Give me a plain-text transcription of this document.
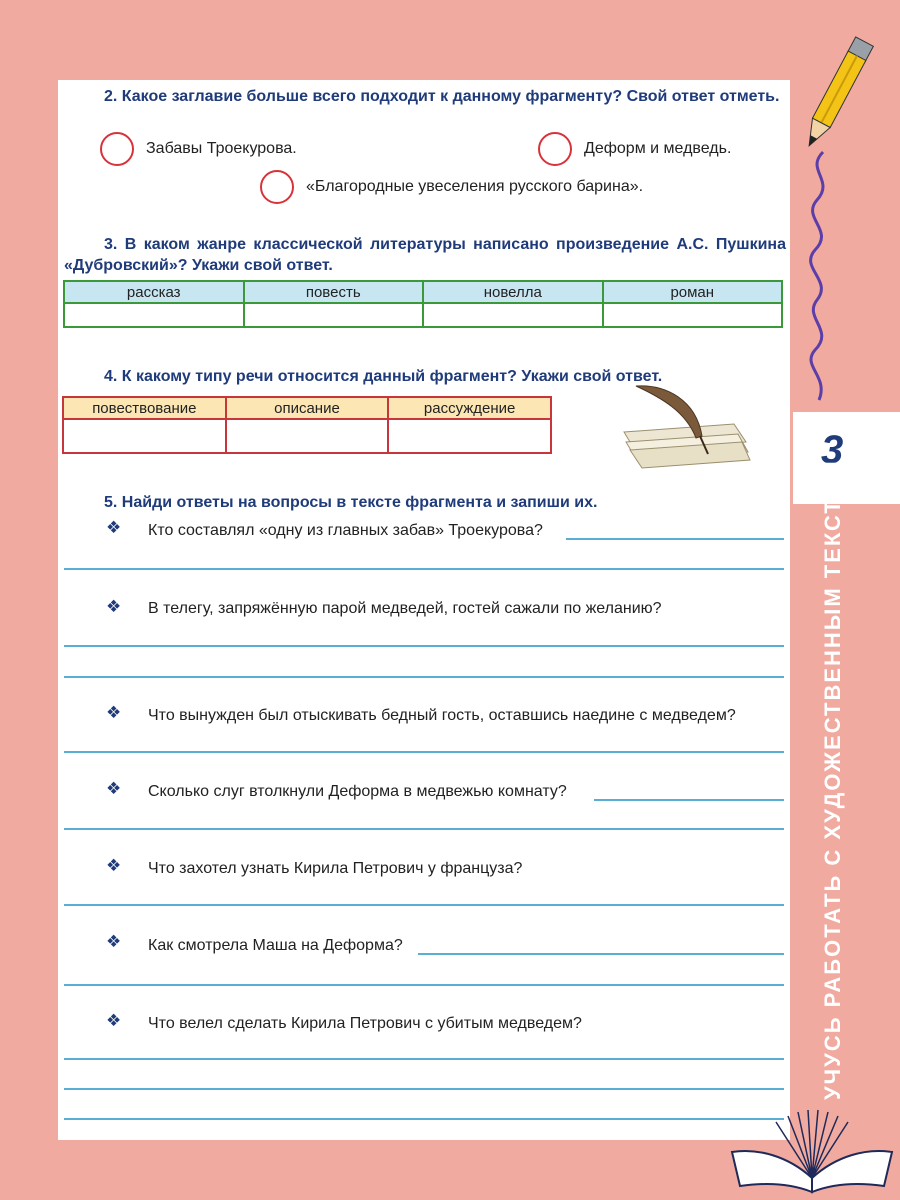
3
УЧУСЬ РАБОТАТЬ С ХУДОЖЕСТВЕННЫМ ТЕКСТОМ
2. Какое заглавие больше всего подходит к данному фрагменту? Свой ответ отметь.
Забавы Троекурова.	Деформ и медведь.
«Благородные увеселения русского барина».
3. В каком жанре классической литературы написано произведение А.С. Пушкина «Дубровский»? Укажи свой ответ.
рассказ	повесть	новелла	роман

4. К какому типу речи относится данный фрагмент? Укажи свой ответ.
повествование	описание	рассуждение

5. Найди ответы на вопросы в тексте фрагмента и запиши их.
❖ Кто составлял «одну из главных забав» Троекурова?
❖ В телегу, запряжённую парой медведей, гостей сажали по желанию?
❖ Что вынужден был отыскивать бедный гость, оставшись наедине с медведем?
❖ Сколько слуг втолкнули Деформа в медвежью комнату?
❖ Что захотел узнать Кирила Петрович у француза?
❖ Как смотрела Маша на Деформа?
❖ Что велел сделать Кирила Петрович с убитым медведем?
